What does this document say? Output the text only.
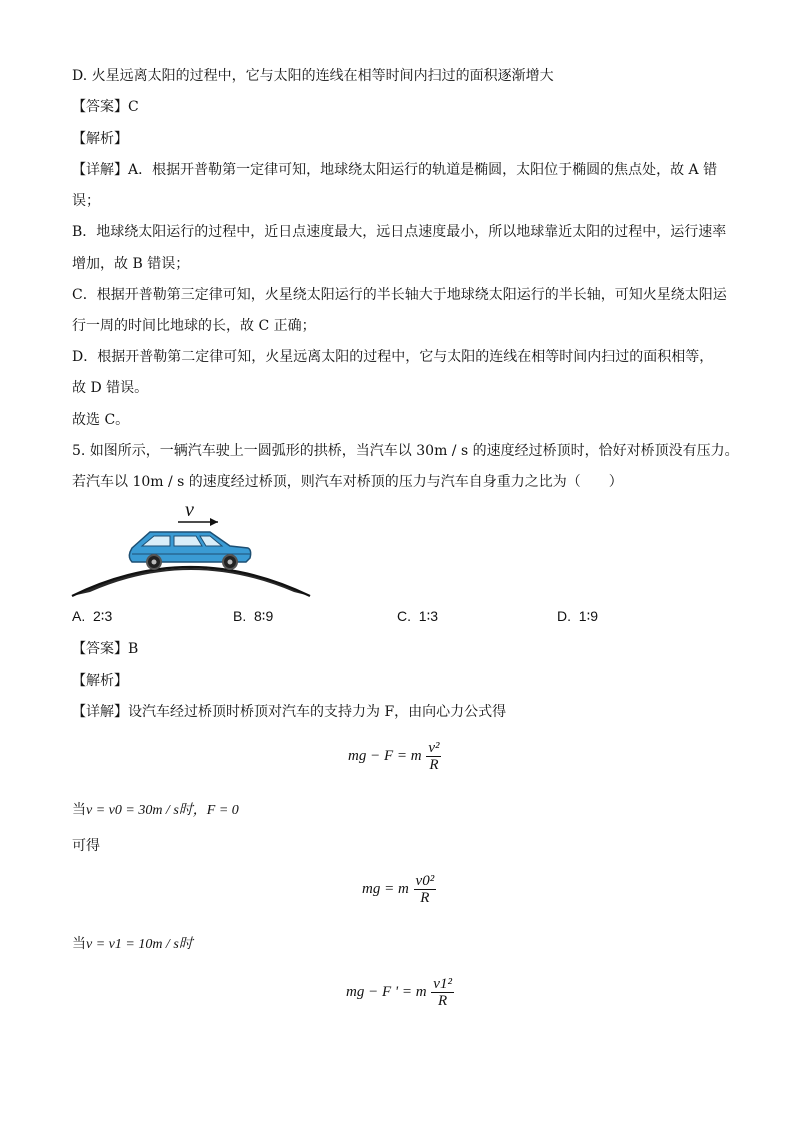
D. 火星远离太阳的过程中，它与太阳的连线在相等时间内扫过的面积逐渐增大
【答案】C
【解析】
【详解】A．根据开普勒第一定律可知，地球绕太阳运行的轨道是椭圆，太阳位于椭圆的焦点处，故 A 错
误；
B．地球绕太阳运行的过程中，近日点速度最大，远日点速度最小，所以地球靠近太阳的过程中，运行速率
增加，故 B 错误；
C．根据开普勒第三定律可知，火星绕太阳运行的半长轴大于地球绕太阳运行的半长轴，可知火星绕太阳运
行一周的时间比地球的长，故 C 正确；
D．根据开普勒第二定律可知，火星远离太阳的过程中，它与太阳的连线在相等时间内扫过的面积相等，
故 D 错误。
故选 C。
5. 如图所示，一辆汽车驶上一圆弧形的拱桥，当汽车以 30m / s 的速度经过桥顶时，恰好对桥顶没有压力。
若汽车以 10m / s 的速度经过桥顶，则汽车对桥顶的压力与汽车自身重力之比为（　　）
v
A. 2∶3	B. 8∶9	C. 1∶3	D. 1∶9
【答案】B
【解析】
【详解】设汽车经过桥顶时桥顶对汽车的支持力为 F，由向心力公式得
mg − F = m $\frac{\text{v²}}{R}$
当v = v0 = 30m / s时，F = 0
可得
mg = m $\frac{\text{v0²}}{R}$
当v = v1 = 10m / s时
mg − F ' = m $\frac{\text{v1²}}{R}$
